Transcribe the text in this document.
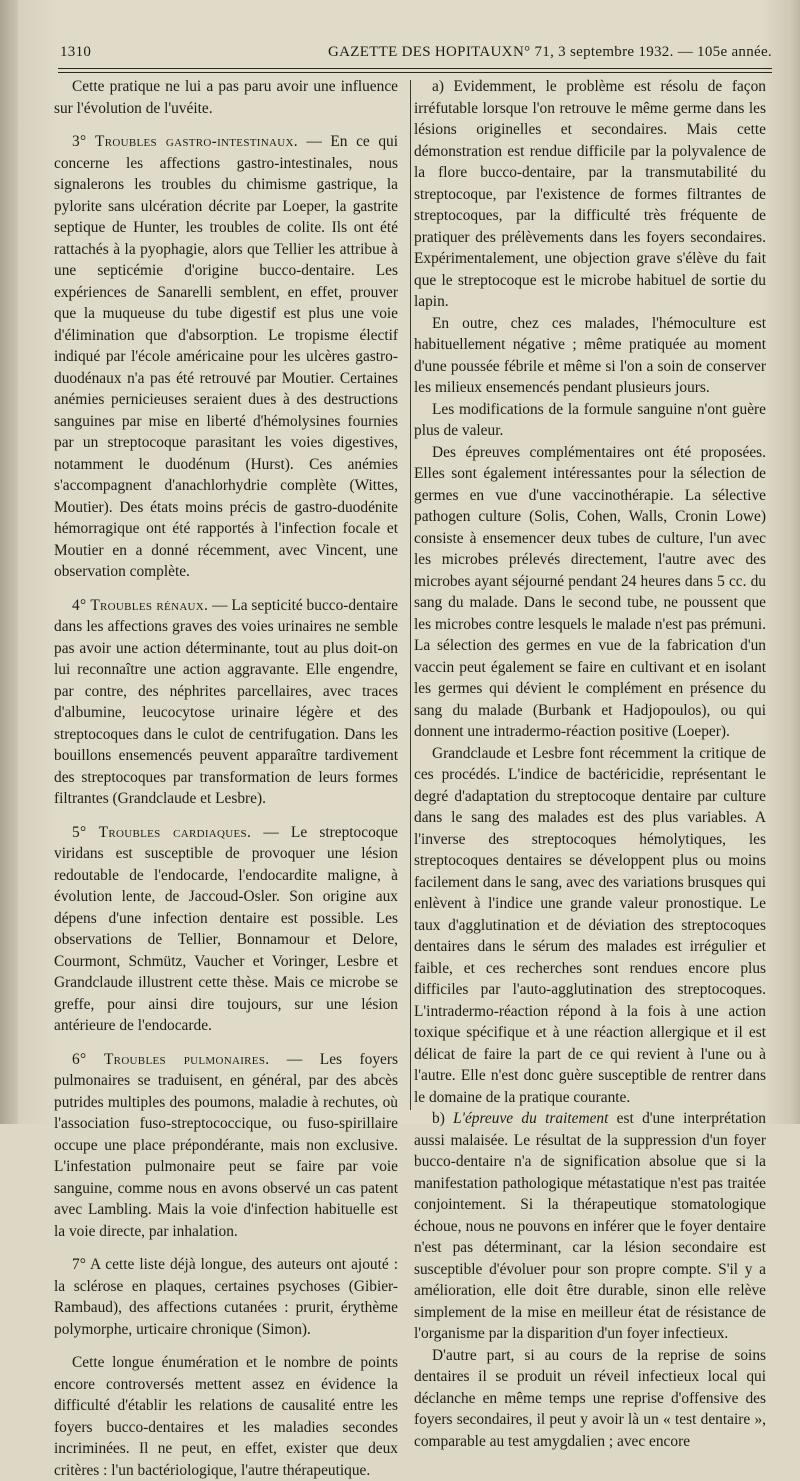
1310	GAZETTE DES HOPITAUX N° 71, 3 septembre 1932. — 105e année.

Cette pratique ne lui a pas paru avoir une influence sur l'évolution de l'uvéite.

3° Troubles gastro-intestinaux. — En ce qui concerne les affections gastro-intestinales, nous signalerons les troubles du chimisme gastrique, la pylorite sans ulcération décrite par Loeper, la gastrite septique de Hunter, les troubles de colite. Ils ont été rattachés à la pyophagie, alors que Tellier les attribue à une septicémie d'origine bucco-dentaire. Les expériences de Sanarelli semblent, en effet, prouver que la muqueuse du tube digestif est plus une voie d'élimination que d'absorption. Le tropisme électif indiqué par l'école américaine pour les ulcères gastro-duodénaux n'a pas été retrouvé par Moutier. Certaines anémies pernicieuses seraient dues à des destructions sanguines par mise en liberté d'hémolysines fournies par un streptocoque parasitant les voies digestives, notamment le duodénum (Hurst). Ces anémies s'accompagnent d'anachlorhydrie complète (Wittes, Moutier). Des états moins précis de gastro-duodénite hémorragique ont été rapportés à l'infection focale et Moutier en a donné récemment, avec Vincent, une observation complète.

4° Troubles rénaux. — La septicité bucco-dentaire dans les affections graves des voies urinaires ne semble pas avoir une action déterminante, tout au plus doit-on lui reconnaître une action aggravante. Elle engendre, par contre, des néphrites parcellaires, avec traces d'albumine, leucocytose urinaire légère et des streptocoques dans le culot de centrifugation. Dans les bouillons ensemencés peuvent apparaître tardivement des streptocoques par transformation de leurs formes filtrantes (Grandclaude et Lesbre).

5° Troubles cardiaques. — Le streptocoque viridans est susceptible de provoquer une lésion redoutable de l'endocarde, l'endocardite maligne, à évolution lente, de Jaccoud-Osler. Son origine aux dépens d'une infection dentaire est possible. Les observations de Tellier, Bonnamour et Delore, Courmont, Schmütz, Vaucher et Voringer, Lesbre et Grandclaude illustrent cette thèse. Mais ce microbe se greffe, pour ainsi dire toujours, sur une lésion antérieure de l'endocarde.

6° Troubles pulmonaires. — Les foyers pulmonaires se traduisent, en général, par des abcès putrides multiples des poumons, maladie à rechutes, où l'association fuso-streptococcique, ou fuso-spirillaire occupe une place prépondérante, mais non exclusive. L'infestation pulmonaire peut se faire par voie sanguine, comme nous en avons observé un cas patent avec Lambling. Mais la voie d'infection habituelle est la voie directe, par inhalation.

7° A cette liste déjà longue, des auteurs ont ajouté : la sclérose en plaques, certaines psychoses (Gibier-Rambaud), des affections cutanées : prurit, érythème polymorphe, urticaire chronique (Simon).

Cette longue énumération et le nombre de points encore controversés mettent assez en évidence la difficulté d'établir les relations de causalité entre les foyers bucco-dentaires et les maladies secondes incriminées. Il ne peut, en effet, exister que deux critères : l'un bactériologique, l'autre thérapeutique.

a) Evidemment, le problème est résolu de façon irréfutable lorsque l'on retrouve le même germe dans les lésions originelles et secondaires. Mais cette démonstration est rendue difficile par la polyvalence de la flore bucco-dentaire, par la transmutabilité du streptocoque, par l'existence de formes filtrantes de streptocoques, par la difficulté très fréquente de pratiquer des prélèvements dans les foyers secondaires. Expérimentalement, une objection grave s'élève du fait que le streptocoque est le microbe habituel de sortie du lapin.

En outre, chez ces malades, l'hémoculture est habituellement négative ; même pratiquée au moment d'une poussée fébrile et même si l'on a soin de conserver les milieux ensemencés pendant plusieurs jours.

Les modifications de la formule sanguine n'ont guère plus de valeur.

Des épreuves complémentaires ont été proposées. Elles sont également intéressantes pour la sélection de germes en vue d'une vaccinothérapie. La sélective pathogen culture (Solis, Cohen, Walls, Cronin Lowe) consiste à ensemencer deux tubes de culture, l'un avec les microbes prélevés directement, l'autre avec des microbes ayant séjourné pendant 24 heures dans 5 cc. du sang du malade. Dans le second tube, ne poussent que les microbes contre lesquels le malade n'est pas prémuni. La sélection des germes en vue de la fabrication d'un vaccin peut également se faire en cultivant et en isolant les germes qui dévient le complément en présence du sang du malade (Burbank et Hadjopoulos), ou qui donnent une intradermo-réaction positive (Loeper).

Grandclaude et Lesbre font récemment la critique de ces procédés. L'indice de bactéricidie, représentant le degré d'adaptation du streptocoque dentaire par culture dans le sang des malades est des plus variables. A l'inverse des streptocoques hémolytiques, les streptocoques dentaires se développent plus ou moins facilement dans le sang, avec des variations brusques qui enlèvent à l'indice une grande valeur pronostique. Le taux d'agglutination et de déviation des streptocoques dentaires dans le sérum des malades est irrégulier et faible, et ces recherches sont rendues encore plus difficiles par l'auto-agglutination des streptocoques. L'intradermo-réaction répond à la fois à une action toxique spécifique et à une réaction allergique et il est délicat de faire la part de ce qui revient à l'une ou à l'autre. Elle n'est donc guère susceptible de rentrer dans le domaine de la pratique courante.

b) L'épreuve du traitement est d'une interprétation aussi malaisée. Le résultat de la suppression d'un foyer bucco-dentaire n'a de signification absolue que si la manifestation pathologique métastatique n'est pas traitée conjointement. Si la thérapeutique stomatologique échoue, nous ne pouvons en inférer que le foyer dentaire n'est pas déterminant, car la lésion secondaire est susceptible d'évoluer pour son propre compte. S'il y a amélioration, elle doit être durable, sinon elle relève simplement de la mise en meilleur état de résistance de l'organisme par la disparition d'un foyer infectieux.

D'autre part, si au cours de la reprise de soins dentaires il se produit un réveil infectieux local qui déclanche en même temps une reprise d'offensive des foyers secondaires, il peut y avoir là un « test dentaire », comparable au test amygdalien ; avec encore
